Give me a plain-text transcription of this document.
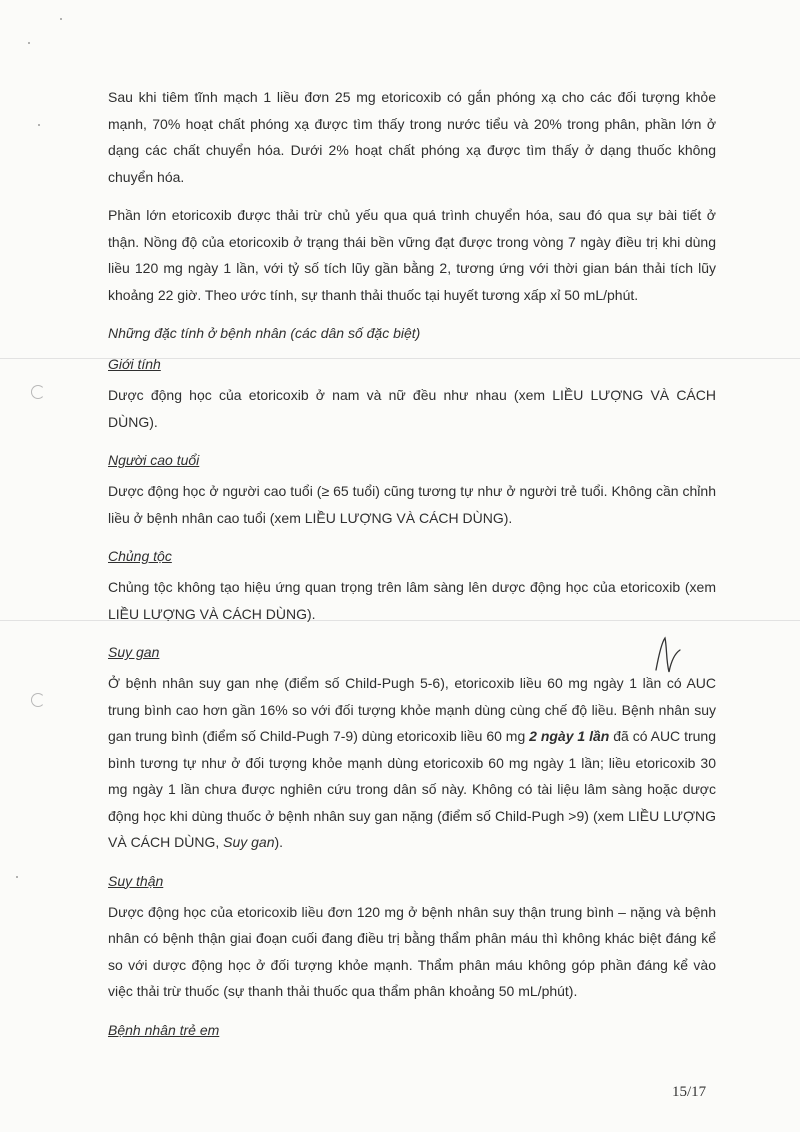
Sau khi tiêm tĩnh mạch 1 liều đơn 25 mg etoricoxib có gắn phóng xạ cho các đối tượng khỏe mạnh, 70% hoạt chất phóng xạ được tìm thấy trong nước tiểu và 20% trong phân, phần lớn ở dạng các chất chuyển hóa. Dưới 2% hoạt chất phóng xạ được tìm thấy ở dạng thuốc không chuyển hóa.

Phần lớn etoricoxib được thải trừ chủ yếu qua quá trình chuyển hóa, sau đó qua sự bài tiết ở thận. Nồng độ của etoricoxib ở trạng thái bền vững đạt được trong vòng 7 ngày điều trị khi dùng liều 120 mg ngày 1 lần, với tỷ số tích lũy gần bằng 2, tương ứng với thời gian bán thải tích lũy khoảng 22 giờ. Theo ước tính, sự thanh thải thuốc tại huyết tương xấp xỉ 50 mL/phút.

Những đặc tính ở bệnh nhân (các dân số đặc biệt)
Giới tính

Dược động học của etoricoxib ở nam và nữ đều như nhau (xem LIỀU LƯỢNG VÀ CÁCH DÙNG).

Người cao tuổi

Dược động học ở người cao tuổi (≥ 65 tuổi) cũng tương tự như ở người trẻ tuổi. Không cần chỉnh liều ở bệnh nhân cao tuổi (xem LIỀU LƯỢNG VÀ CÁCH DÙNG).

Chủng tộc

Chủng tộc không tạo hiệu ứng quan trọng trên lâm sàng lên dược động học của etoricoxib (xem LIỀU LƯỢNG VÀ CÁCH DÙNG).

Suy gan

Ở bệnh nhân suy gan nhẹ (điểm số Child-Pugh 5-6), etoricoxib liều 60 mg ngày 1 lần có AUC trung bình cao hơn gần 16% so với đối tượng khỏe mạnh dùng cùng chế độ liều. Bệnh nhân suy gan trung bình (điểm số Child-Pugh 7-9) dùng etoricoxib liều 60 mg 2 ngày 1 lần đã có AUC trung bình tương tự như ở đối tượng khỏe mạnh dùng etoricoxib 60 mg ngày 1 lần; liều etoricoxib 30 mg ngày 1 lần chưa được nghiên cứu trong dân số này. Không có tài liệu lâm sàng hoặc dược động học khi dùng thuốc ở bệnh nhân suy gan nặng (điểm số Child-Pugh >9) (xem LIỀU LƯỢNG VÀ CÁCH DÙNG, Suy gan).

Suy thận

Dược động học của etoricoxib liều đơn 120 mg ở bệnh nhân suy thận trung bình – nặng và bệnh nhân có bệnh thận giai đoạn cuối đang điều trị bằng thẩm phân máu thì không khác biệt đáng kể so với dược động học ở đối tượng khỏe mạnh. Thẩm phân máu không góp phần đáng kể vào việc thải trừ thuốc (sự thanh thải thuốc qua thẩm phân khoảng 50 mL/phút).

Bệnh nhân trẻ em
15/17
